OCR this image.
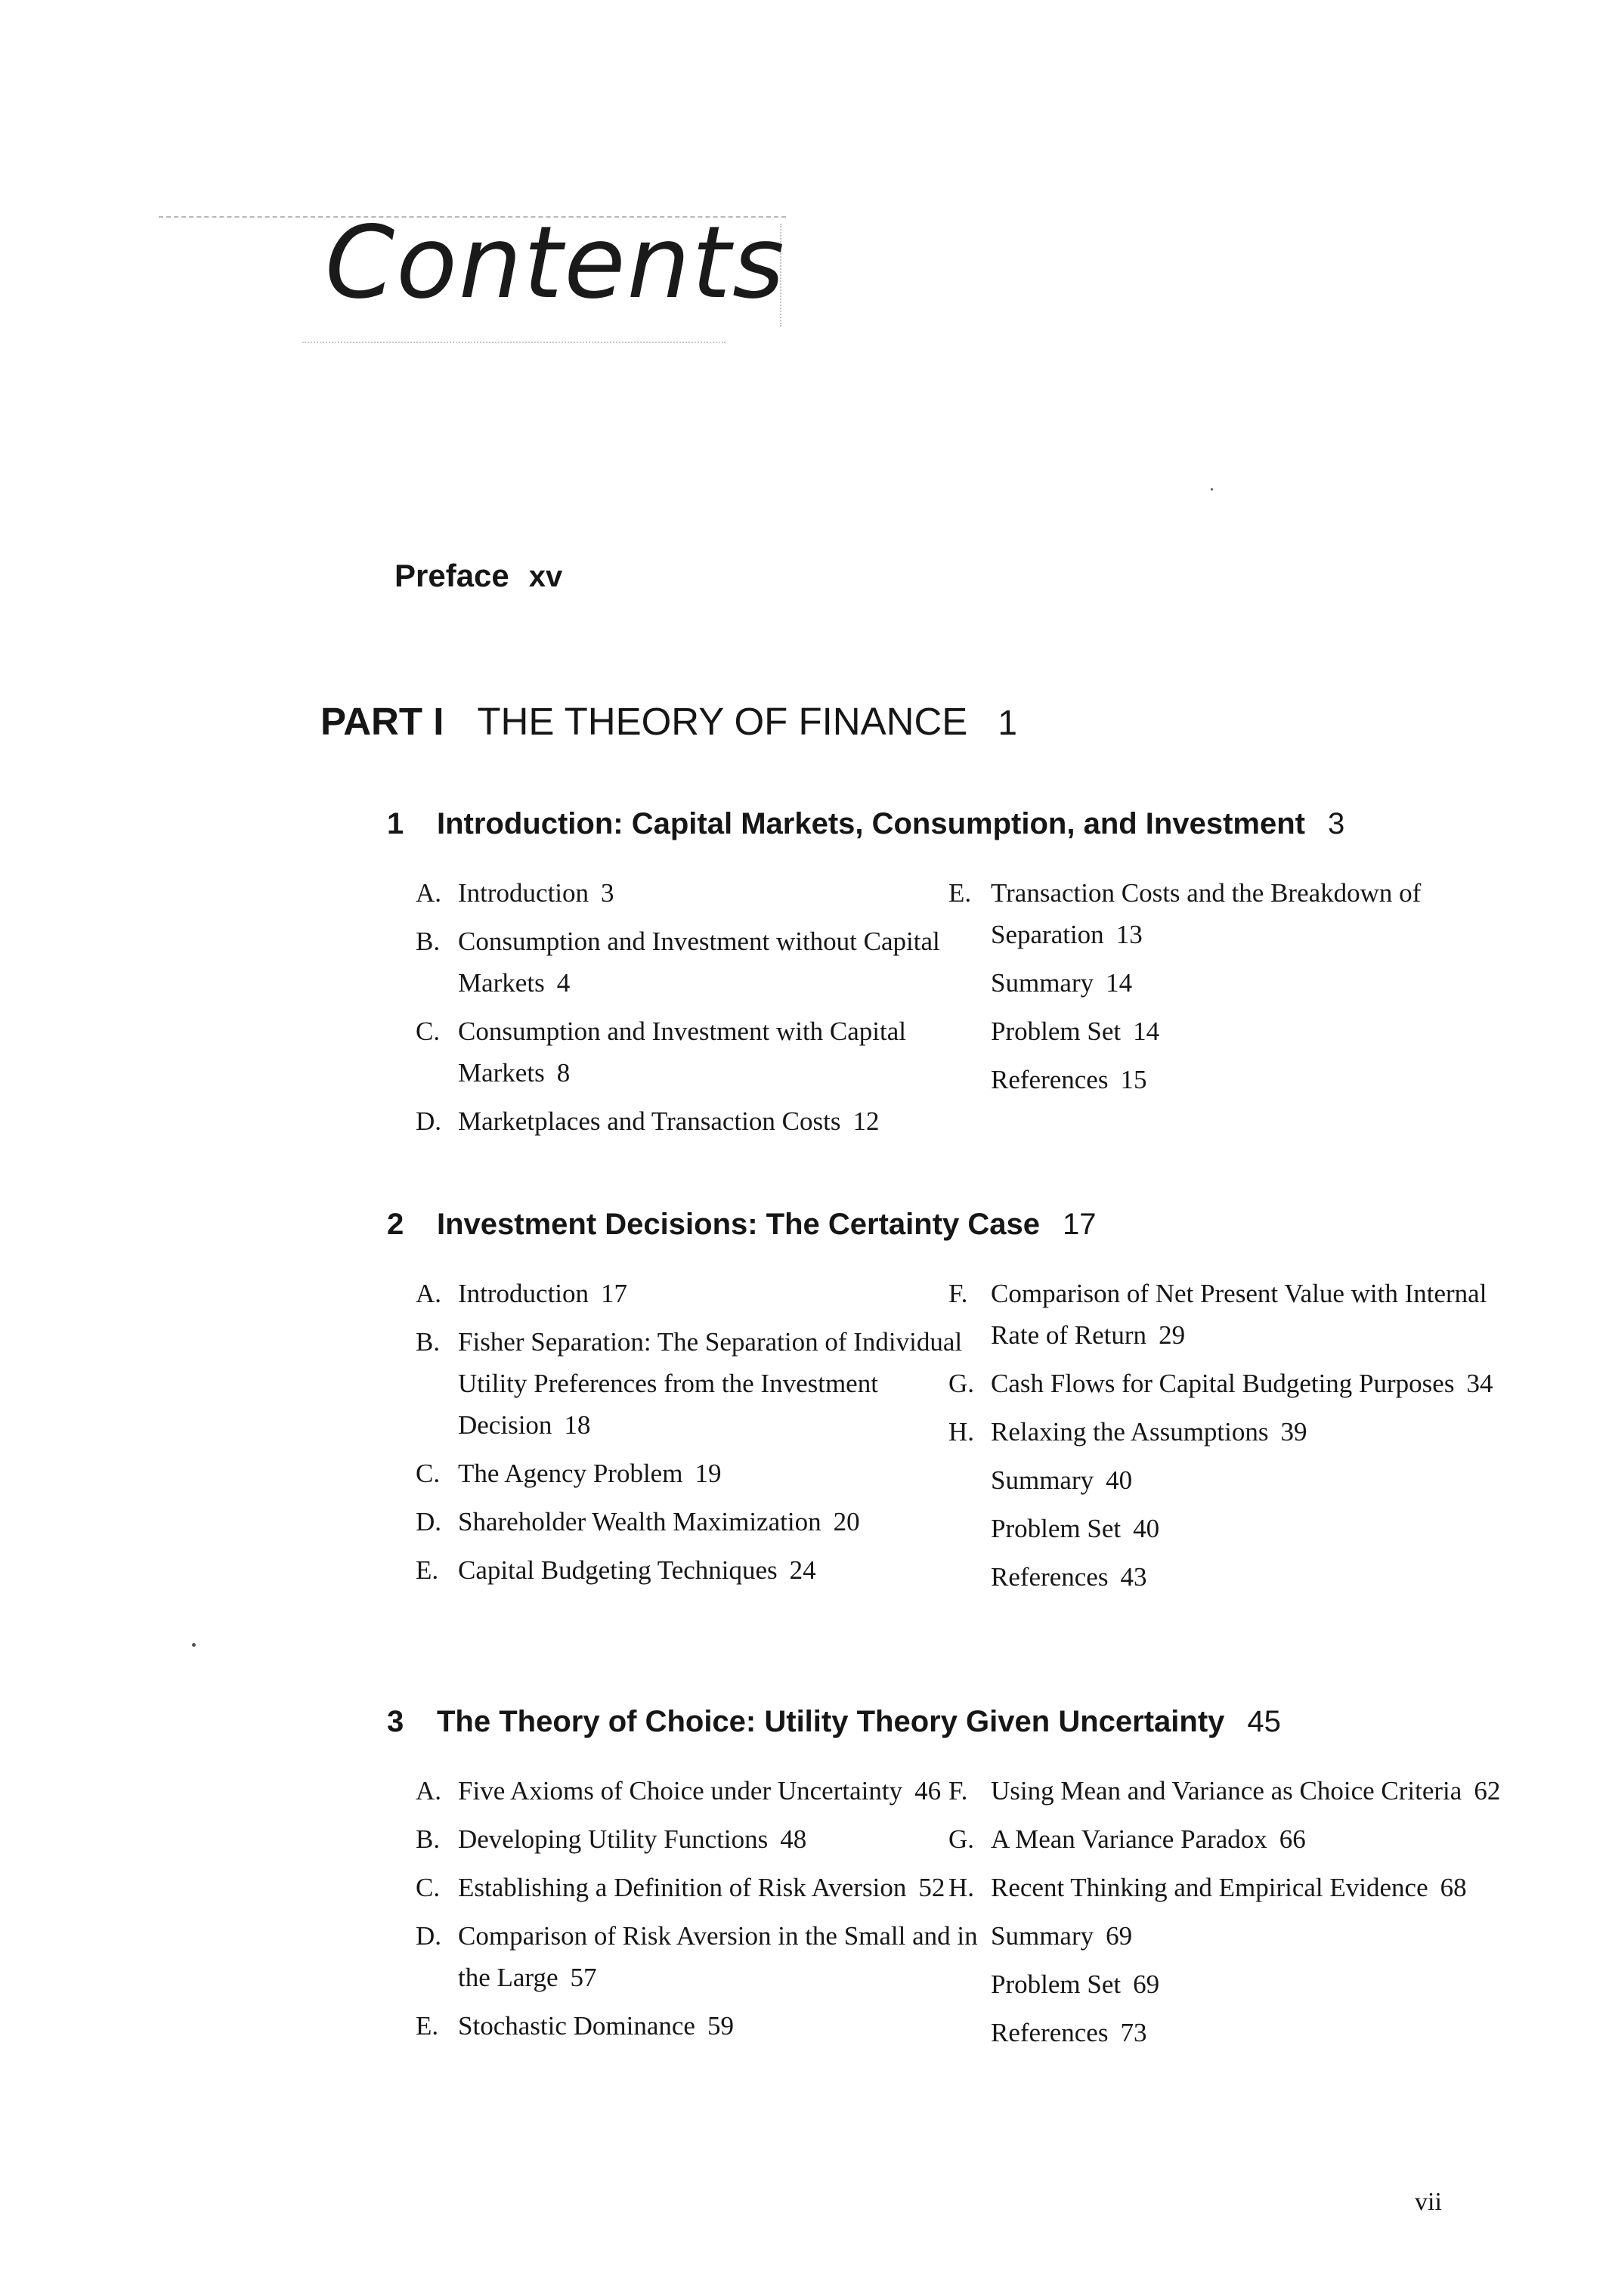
Contents
Preface xv
PART I THE THEORY OF FINANCE 1
1 Introduction: Capital Markets, Consumption, and Investment 3
A. Introduction 3
B. Consumption and Investment without Capital Markets 4
C. Consumption and Investment with Capital Markets 8
D. Marketplaces and Transaction Costs 12
E. Transaction Costs and the Breakdown of Separation 13
Summary 14
Problem Set 14
References 15
2 Investment Decisions: The Certainty Case 17
A. Introduction 17
B. Fisher Separation: The Separation of Individual Utility Preferences from the Investment Decision 18
C. The Agency Problem 19
D. Shareholder Wealth Maximization 20
E. Capital Budgeting Techniques 24
F. Comparison of Net Present Value with Internal Rate of Return 29
G. Cash Flows for Capital Budgeting Purposes 34
H. Relaxing the Assumptions 39
Summary 40
Problem Set 40
References 43
3 The Theory of Choice: Utility Theory Given Uncertainty 45
A. Five Axioms of Choice under Uncertainty 46
B. Developing Utility Functions 48
C. Establishing a Definition of Risk Aversion 52
D. Comparison of Risk Aversion in the Small and in the Large 57
E. Stochastic Dominance 59
F. Using Mean and Variance as Choice Criteria 62
G. A Mean Variance Paradox 66
H. Recent Thinking and Empirical Evidence 68
Summary 69
Problem Set 69
References 73
vii
